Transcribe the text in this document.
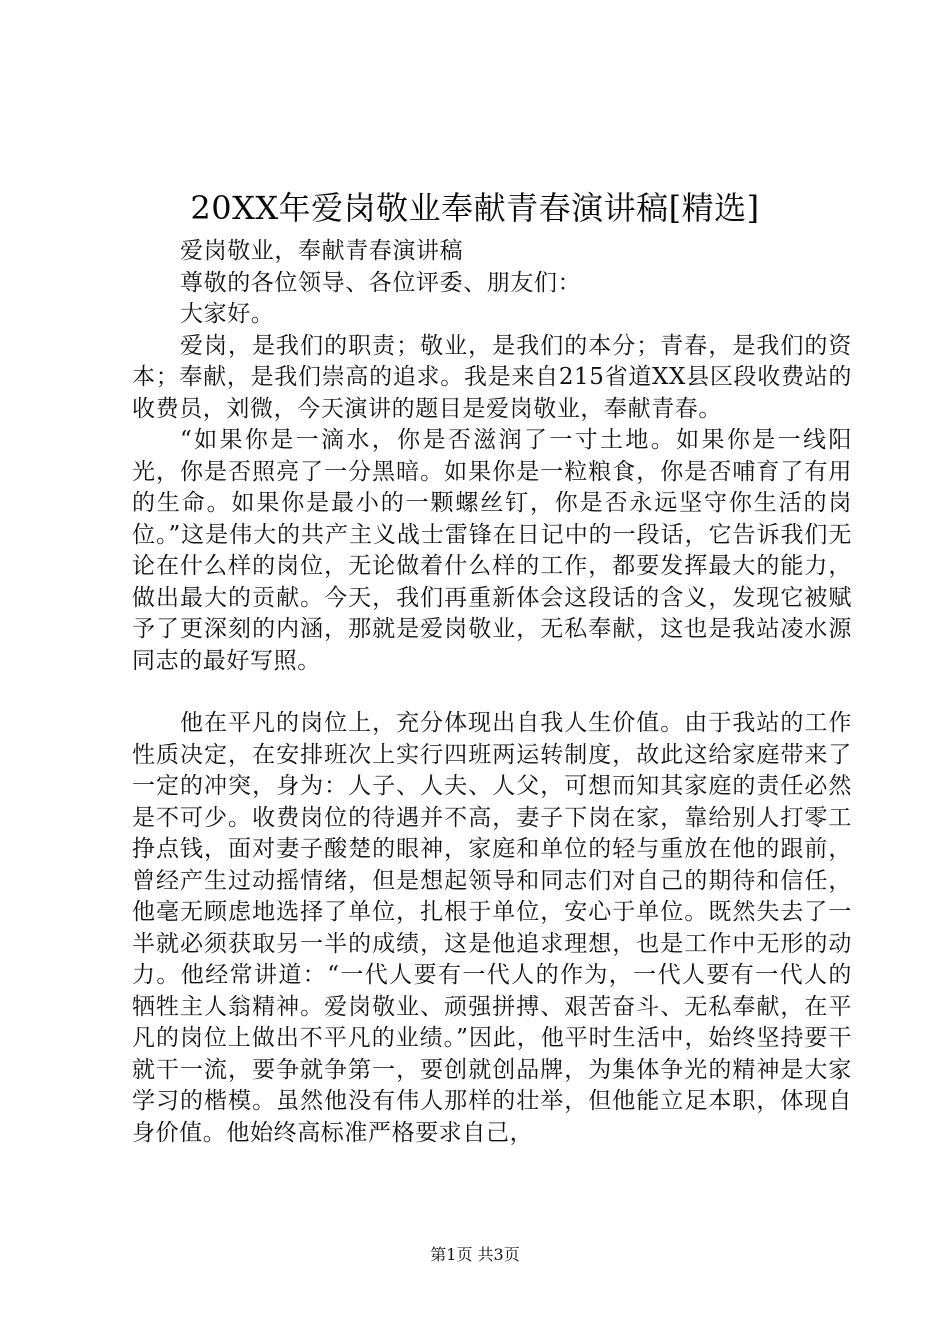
20XX年爱岗敬业奉献青春演讲稿[精选]

爱岗敬业，奉献青春演讲稿

尊敬的各位领导、各位评委、朋友们：

大家好。

爱岗，是我们的职责；敬业，是我们的本分；青春，是我们的资本；奉献，是我们崇高的追求。我是来自215省道XX县区段收费站的收费员，刘微，今天演讲的题目是爱岗敬业，奉献青春。

“如果你是一滴水，你是否滋润了一寸土地。如果你是一线阳光，你是否照亮了一分黑暗。如果你是一粒粮食，你是否哺育了有用的生命。如果你是最小的一颗螺丝钉，你是否永远坚守你生活的岗位。”这是伟大的共产主义战士雷锋在日记中的一段话，它告诉我们无论在什么样的岗位，无论做着什么样的工作，都要发挥最大的能力，做出最大的贡献。今天，我们再重新体会这段话的含义，发现它被赋予了更深刻的内涵，那就是爱岗敬业，无私奉献，这也是我站凌水源同志的最好写照。

他在平凡的岗位上，充分体现出自我人生价值。由于我站的工作性质决定，在安排班次上实行四班两运转制度，故此这给家庭带来了一定的冲突，身为：人子、人夫、人父，可想而知其家庭的责任必然是不可少。收费岗位的待遇并不高，妻子下岗在家，靠给别人打零工挣点钱，面对妻子酸楚的眼神，家庭和单位的轻与重放在他的跟前，曾经产生过动摇情绪，但是想起领导和同志们对自己的期待和信任，他毫无顾虑地选择了单位，扎根于单位，安心于单位。既然失去了一半就必须获取另一半的成绩，这是他追求理想，也是工作中无形的动力。他经常讲道：“一代人要有一代人的作为，一代人要有一代人的牺牲主人翁精神。爱岗敬业、顽强拼搏、艰苦奋斗、无私奉献，在平凡的岗位上做出不平凡的业绩。”因此，他平时生活中，始终坚持要干就干一流，要争就争第一，要创就创品牌，为集体争光的精神是大家学习的楷模。虽然他没有伟人那样的壮举，但他能立足本职，体现自身价值。他始终高标准严格要求自己，

第1页 共3页
